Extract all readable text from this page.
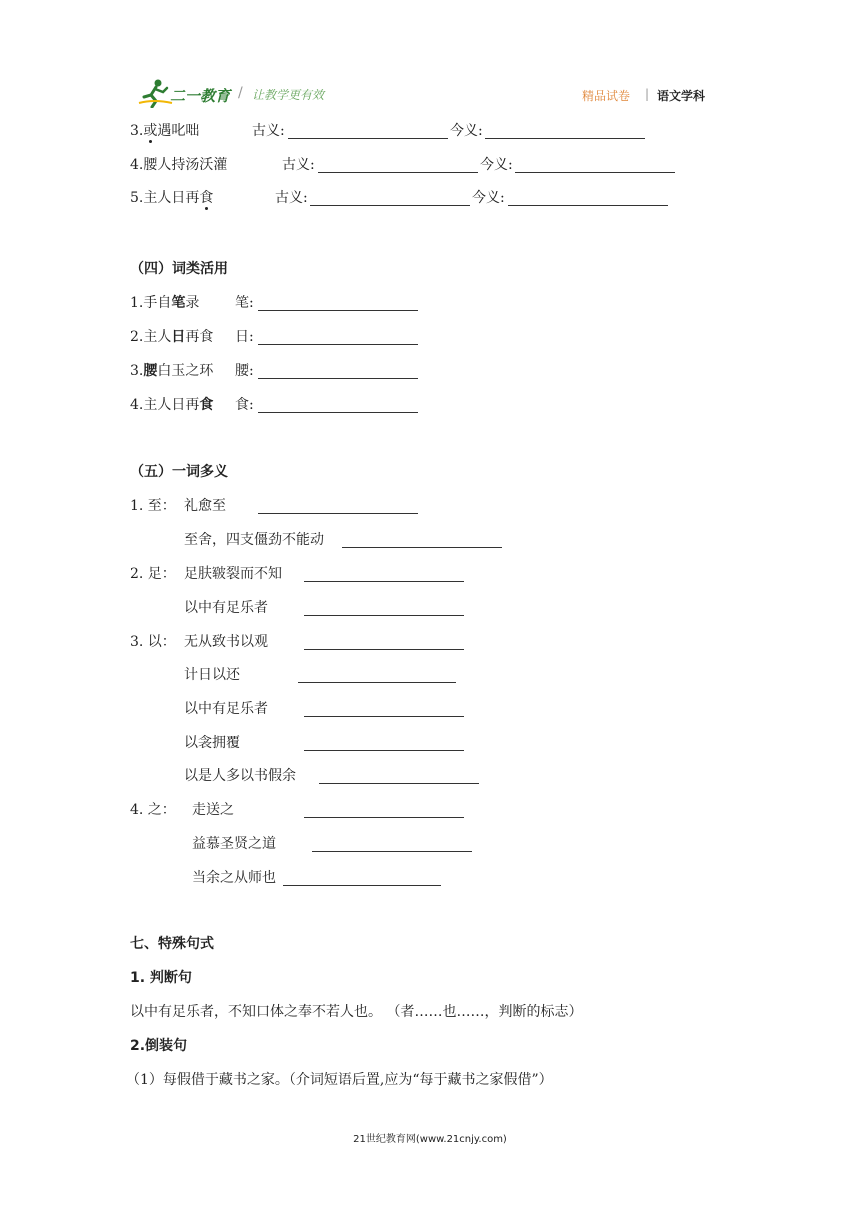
二一教育 / 让教学更有效	精品试卷 | 语文学科
3.或遇叱咄	古义:	今义:
4.腰人持汤沃灌	古义:	今义:
5.主人日再食	古义:	今义:
（四）词类活用
1.手自笔录	笔:
2.主人日再食 日:
3.腰白玉之环 腰:
4.主人日再食 食:
（五）一词多义
1. 至： 礼愈至
至舍，四支僵劲不能动
2. 足： 足肤皲裂而不知
以中有足乐者
3. 以： 无从致书以观
计日以还
以中有足乐者
以衾拥覆
以是人多以书假余
4. 之： 走送之
益慕圣贤之道
当余之从师也
七、特殊句式
1. 判断句
以中有足乐者，不知口体之奉不若人也。 （者……也……，判断的标志）
2.倒装句
（1）每假借于藏书之家。（介词短语后置,应为“每于藏书之家假借”）
21世纪教育网(www.21cnjy.com)
